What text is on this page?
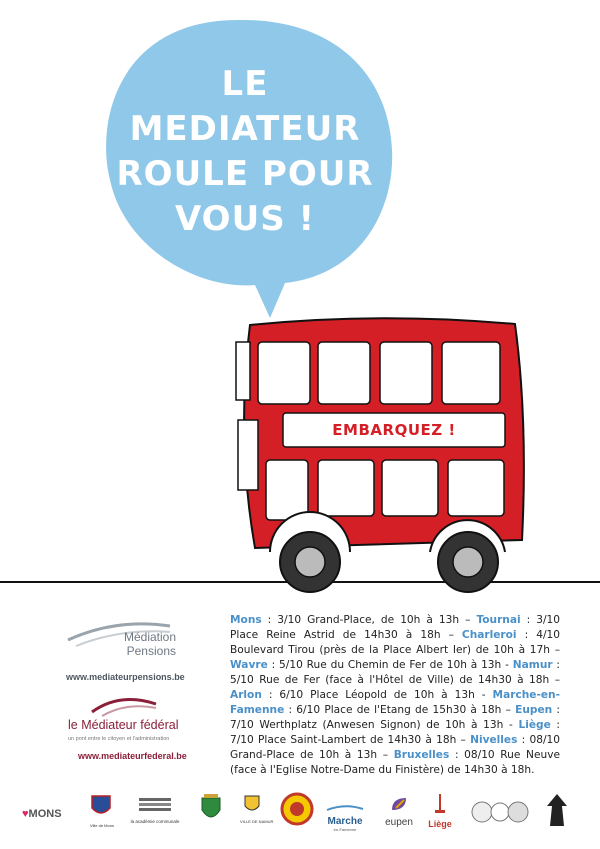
LE
MEDIATEUR
ROULE POUR
VOUS !
EMBARQUEZ !
Médiation
Pensions
www.mediateurpensions.be
le Médiateur fédéral
un pont entre le citoyen et l'administration
www.mediateurfederal.be
Mons : 3/10 Grand-Place, de 10h à 13h – Tournai : 3/10 Place Reine Astrid de 14h30 à 18h – Charleroi : 4/10 Boulevard Tirou (près de la Place Albert Ier) de 10h à 17h – Wavre : 5/10 Rue du Chemin de Fer de 10h à 13h - Namur : 5/10 Rue de Fer (face à l'Hôtel de Ville) de 14h30 à 18h – Arlon : 6/10 Place Léopold de 10h à 13h - Marche-en-Famenne : 6/10 Place de l'Etang de 15h30 à 18h – Eupen : 7/10 Werthplatz (Anwesen Signon) de 10h à 13h - Liège : 7/10 Place Saint-Lambert de 14h30 à 18h – Nivelles : 08/10 Grand-Place de 10h à 13h – Bruxelles : 08/10 Rue Neuve (face à l'Eglise Notre-Dame du Finistère) de 14h30 à 18h.
♥MONS
Ville de Mons
la académie communale	VILLE DE NAMUR	Marche
en-Famenne
eupen	Liège
